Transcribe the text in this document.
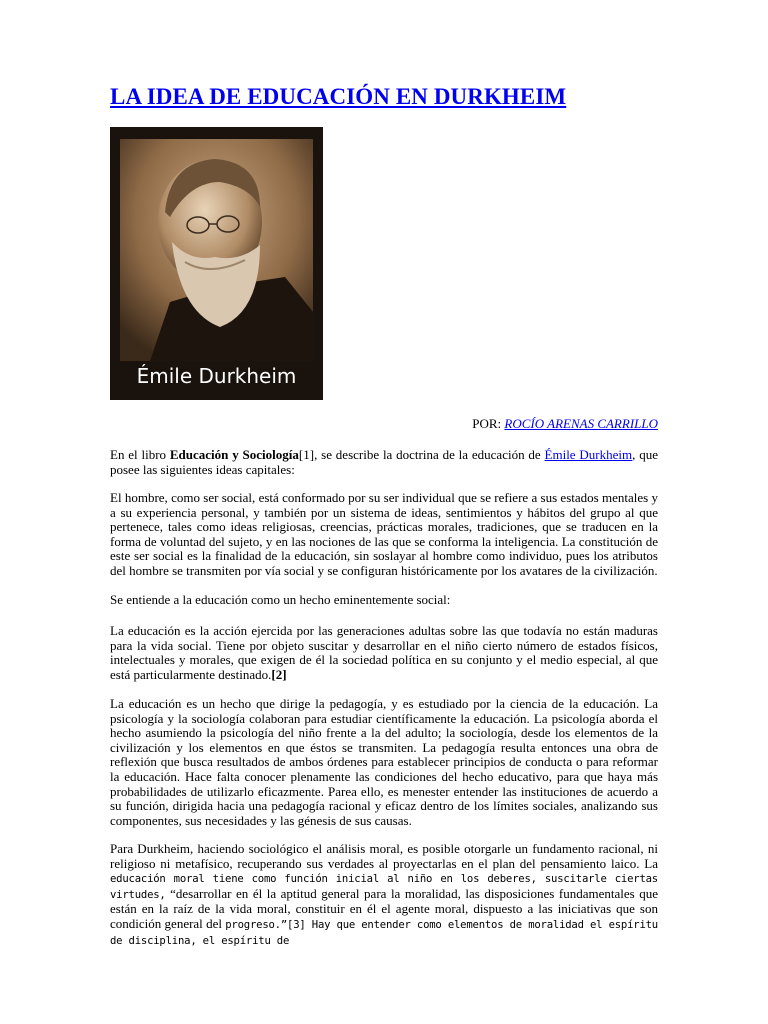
LA IDEA DE EDUCACIÓN EN DURKHEIM
Émile Durkheim
POR: ROCÍO ARENAS CARRILLO

En el libro Educación y Sociología[1], se describe la doctrina de la educación de Émile Durkheim, que posee las siguientes ideas capitales:

El hombre, como ser social, está conformado por su ser individual que se refiere a sus estados mentales y a su experiencia personal, y también por un sistema de ideas, sentimientos y hábitos del grupo al que pertenece, tales como ideas religiosas, creencias, prácticas morales, tradiciones, que se traducen en la forma de voluntad del sujeto, y en las nociones de las que se conforma la inteligencia. La constitución de este ser social es la finalidad de la educación, sin soslayar al hombre como individuo, pues los atributos del hombre se transmiten por vía social y se configuran históricamente por los avatares de la civilización.

Se entiende a la educación como un hecho eminentemente social:

La educación es la acción ejercida por las generaciones adultas sobre las que todavía no están maduras para la vida social. Tiene por objeto suscitar y desarrollar en el niño cierto número de estados físicos, intelectuales y morales, que exigen de él la sociedad política en su conjunto y el medio especial, al que está particularmente destinado.[2]

La educación es un hecho que dirige la pedagogía, y es estudiado por la ciencia de la educación. La psicología y la sociología colaboran para estudiar científicamente la educación. La psicología aborda el hecho asumiendo la psicología del niño frente a la del adulto; la sociología, desde los elementos de la civilización y los elementos en que éstos se transmiten. La pedagogía resulta entonces una obra de reflexión que busca resultados de ambos órdenes para establecer principios de conducta o para reformar la educación. Hace falta conocer plenamente las condiciones del hecho educativo, para que haya más probabilidades de utilizarlo eficazmente. Parea ello, es menester entender las instituciones de acuerdo a su función, dirigida hacia una pedagogía racional y eficaz dentro de los límites sociales, analizando sus componentes, sus necesidades y las génesis de sus causas.

Para Durkheim, haciendo sociológico el análisis moral, es posible otorgarle un fundamento racional, ni religioso ni metafísico, recuperando sus verdades al proyectarlas en el plan del pensamiento laico. La educación moral tiene como función inicial al niño en los deberes, suscitarle ciertas virtudes, “desarrollar en él la aptitud general para la moralidad, las disposiciones fundamentales que están en la raíz de la vida moral, constituir en él el agente moral, dispuesto a las iniciativas que son condición general del progreso.”[3] Hay que entender como elementos de moralidad el espíritu de disciplina, el espíritu de
